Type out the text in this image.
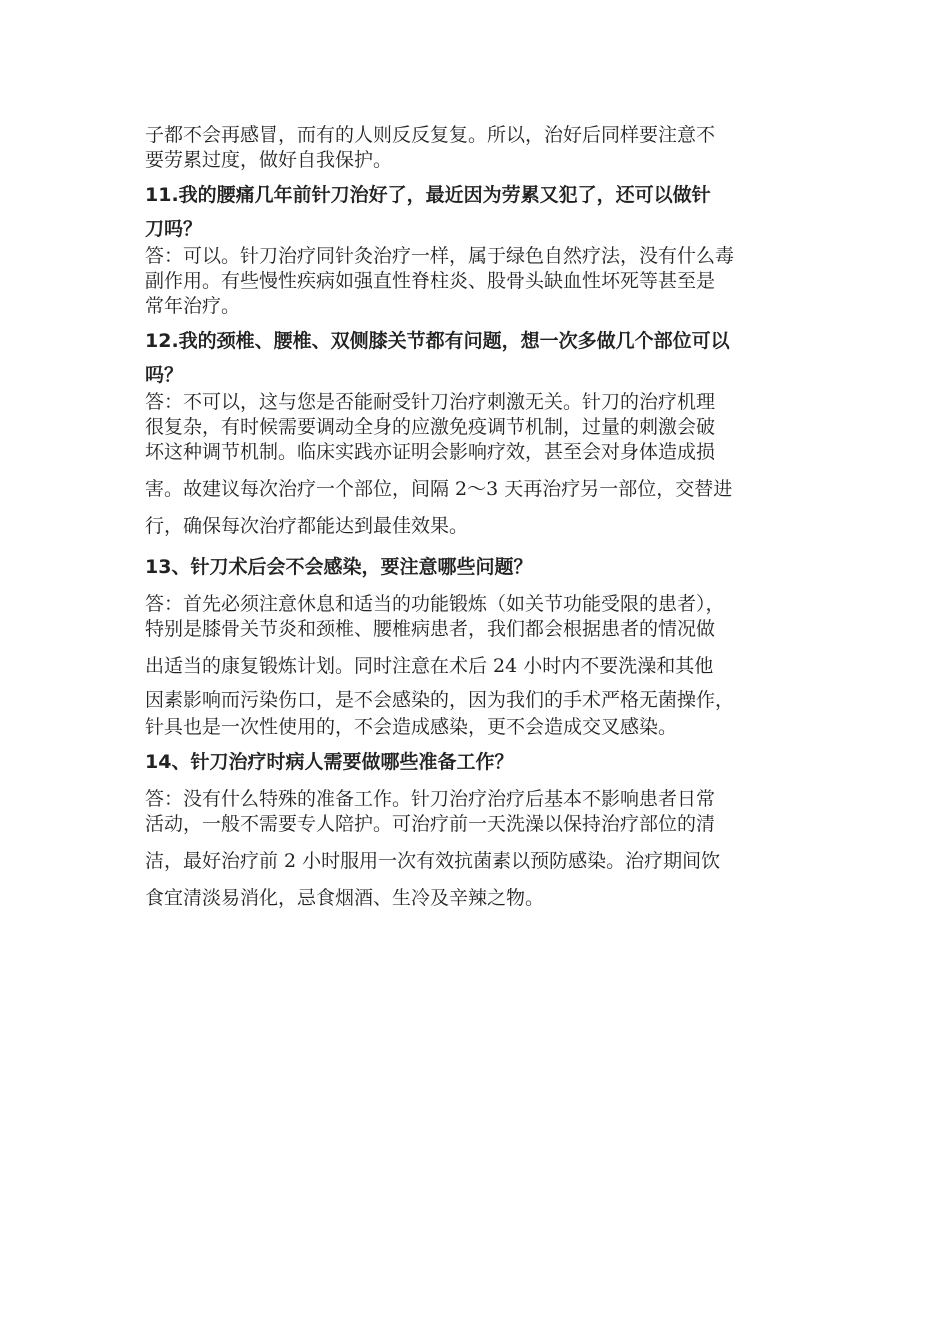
子都不会再感冒，而有的人则反反复复。所以，治好后同样要注意不

要劳累过度，做好自我保护。

11.我的腰痛几年前针刀治好了，最近因为劳累又犯了，还可以做针

刀吗？

答：可以。针刀治疗同针灸治疗一样，属于绿色自然疗法，没有什么毒

副作用。有些慢性疾病如强直性脊柱炎、股骨头缺血性坏死等甚至是

常年治疗。

12.我的颈椎、腰椎、双侧膝关节都有问题，想一次多做几个部位可以

吗？

答：不可以，这与您是否能耐受针刀治疗刺激无关。针刀的治疗机理

很复杂，有时候需要调动全身的应激免疫调节机制，过量的刺激会破

坏这种调节机制。临床实践亦证明会影响疗效，甚至会对身体造成损

害。故建议每次治疗一个部位，间隔 2～3 天再治疗另一部位，交替进

行，确保每次治疗都能达到最佳效果。

13、针刀术后会不会感染，要注意哪些问题？

答：首先必须注意休息和适当的功能锻炼（如关节功能受限的患者），

特别是膝骨关节炎和颈椎、腰椎病患者，我们都会根据患者的情况做

出适当的康复锻炼计划。同时注意在术后 24 小时内不要洗澡和其他

因素影响而污染伤口，是不会感染的，因为我们的手术严格无菌操作，

针具也是一次性使用的，不会造成感染，更不会造成交叉感染。

14、针刀治疗时病人需要做哪些准备工作？

答：没有什么特殊的准备工作。针刀治疗治疗后基本不影响患者日常

活动，一般不需要专人陪护。可治疗前一天洗澡以保持治疗部位的清

洁，最好治疗前 2 小时服用一次有效抗菌素以预防感染。治疗期间饮

食宜清淡易消化，忌食烟酒、生冷及辛辣之物。
